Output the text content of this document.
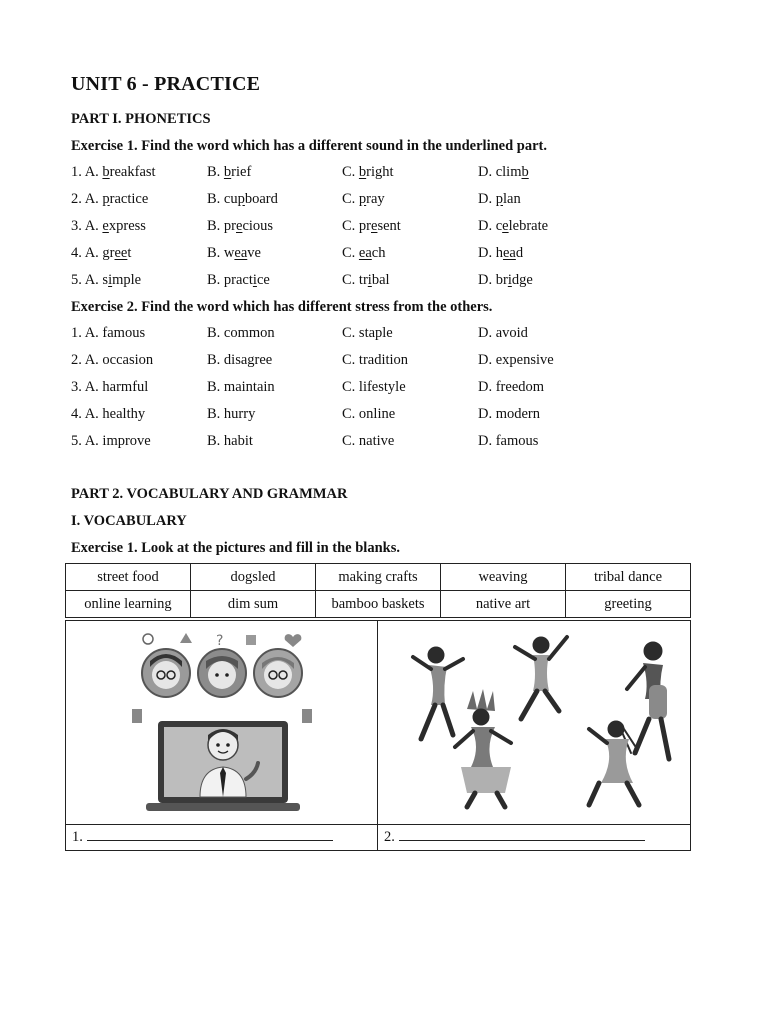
UNIT 6 - PRACTICE
PART I. PHONETICS
Exercise 1. Find the word which has a different sound in the underlined part.
1. A. breakfast	B. brief	C. bright	D. climb
2. A. practice	B. cupboard	C. pray	D. plan
3. A. express	B. precious	C. present	D. celebrate
4. A. greet	B. weave	C. each	D. head
5. A. simple	B. practice	C. tribal	D. bridge
Exercise 2. Find the word which has different stress from the others.
1. A. famous	B. common	C. staple	D. avoid
2. A. occasion	B. disagree	C. tradition	D. expensive
3. A. harmful	B. maintain	C. lifestyle	D. freedom
4. A. healthy	B. hurry	C. online	D. modern
5. A. improve	B. habit	C. native	D. famous
PART 2. VOCABULARY AND GRAMMAR
I. VOCABULARY
Exercise 1. Look at the pictures and fill in the blanks.
street food	dogsled	making crafts	weaving	tribal dance
online learning	dim sum	bamboo baskets	native art	greeting
?
1.	2.
